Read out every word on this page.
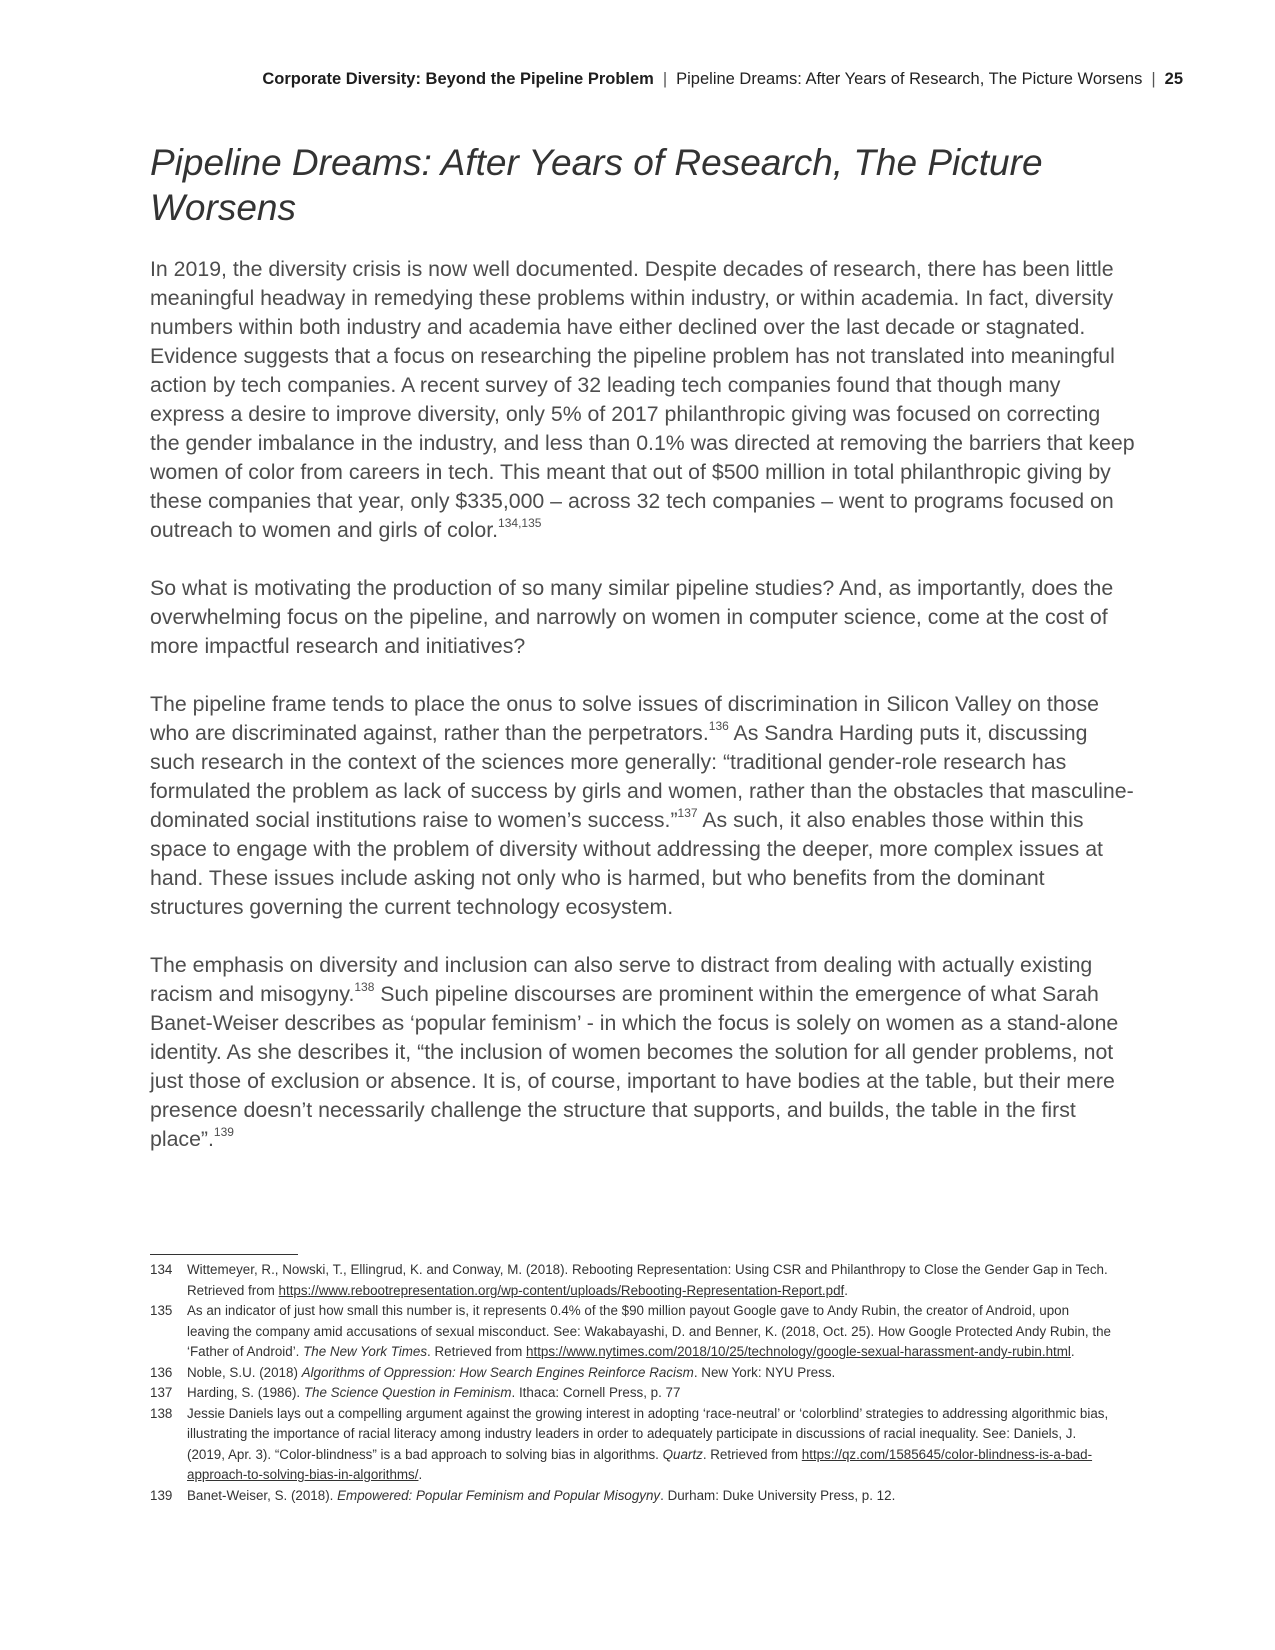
Corporate Diversity: Beyond the Pipeline Problem | Pipeline Dreams: After Years of Research, The Picture Worsens | 25
Pipeline Dreams: After Years of Research, The Picture Worsens

In 2019, the diversity crisis is now well documented. Despite decades of research, there has been little meaningful headway in remedying these problems within industry, or within academia. In fact, diversity numbers within both industry and academia have either declined over the last decade or stagnated. Evidence suggests that a focus on researching the pipeline problem has not translated into meaningful action by tech companies. A recent survey of 32 leading tech companies found that though many express a desire to improve diversity, only 5% of 2017 philanthropic giving was focused on correcting the gender imbalance in the industry, and less than 0.1% was directed at removing the barriers that keep women of color from careers in tech. This meant that out of $500 million in total philanthropic giving by these companies that year, only $335,000 – across 32 tech companies – went to programs focused on outreach to women and girls of color.$^{134,135}$

So what is motivating the production of so many similar pipeline studies? And, as importantly, does the overwhelming focus on the pipeline, and narrowly on women in computer science, come at the cost of more impactful research and initiatives?

The pipeline frame tends to place the onus to solve issues of discrimination in Silicon Valley on those who are discriminated against, rather than the perpetrators.$^{136}$ As Sandra Harding puts it, discussing such research in the context of the sciences more generally: “traditional gender-role research has formulated the problem as lack of success by girls and women, rather than the obstacles that masculine-dominated social institutions raise to women’s success.”$^{137}$ As such, it also enables those within this space to engage with the problem of diversity without addressing the deeper, more complex issues at hand. These issues include asking not only who is harmed, but who benefits from the dominant structures governing the current technology ecosystem.

The emphasis on diversity and inclusion can also serve to distract from dealing with actually existing racism and misogyny.$^{138}$ Such pipeline discourses are prominent within the emergence of what Sarah Banet-Weiser describes as ‘popular feminism’ - in which the focus is solely on women as a stand-alone identity. As she describes it, “the inclusion of women becomes the solution for all gender problems, not just those of exclusion or absence. It is, of course, important to have bodies at the table, but their mere presence doesn’t necessarily challenge the structure that supports, and builds, the table in the first place”.$^{139}$

134	Wittemeyer, R., Nowski, T., Ellingrud, K. and Conway, M. (2018). Rebooting Representation: Using CSR and Philanthropy to Close the Gender Gap in Tech. Retrieved from https://www.rebootrepresentation.org/wp-content/uploads/Rebooting-Representation-Report.pdf.
135	As an indicator of just how small this number is, it represents 0.4% of the $90 million payout Google gave to Andy Rubin, the creator of Android, upon leaving the company amid accusations of sexual misconduct. See: Wakabayashi, D. and Benner, K. (2018, Oct. 25). How Google Protected Andy Rubin, the ‘Father of Android’. The New York Times. Retrieved from https://www.nytimes.com/2018/10/25/technology/google-sexual-harassment-andy-rubin.html.
136	Noble, S.U. (2018) Algorithms of Oppression: How Search Engines Reinforce Racism. New York: NYU Press.
137	Harding, S. (1986). The Science Question in Feminism. Ithaca: Cornell Press, p. 77
138	Jessie Daniels lays out a compelling argument against the growing interest in adopting ‘race-neutral’ or ‘colorblind’ strategies to addressing algorithmic bias, illustrating the importance of racial literacy among industry leaders in order to adequately participate in discussions of racial inequality. See: Daniels, J. (2019, Apr. 3). “Color-blindness” is a bad approach to solving bias in algorithms. Quartz. Retrieved from https://qz.com/1585645/color-blindness-is-a-bad-approach-to-solving-bias-in-algorithms/.
139	Banet-Weiser, S. (2018). Empowered: Popular Feminism and Popular Misogyny. Durham: Duke University Press, p. 12.
